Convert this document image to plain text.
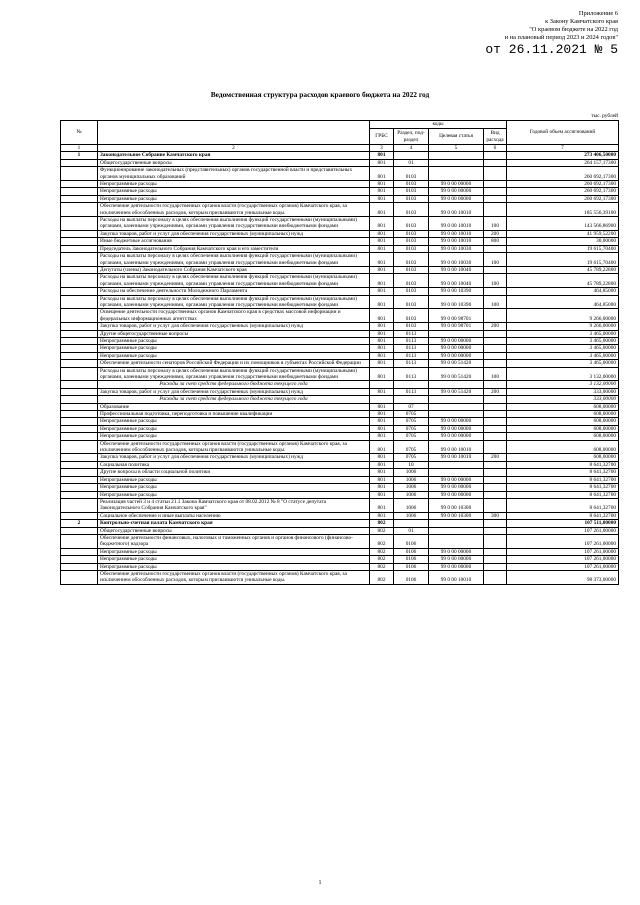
Приложение 6
к Закону Камчатского края
"О краевом бюджете на 2022 год
и на плановый период 2023 и 2024 годов"
от 26.11.2021 № 5
Ведомственная структура расходов краевого бюджета на 2022 год
тыс. рублей
№		коды				Годовой объем ассигнований
		ГРБС	Раздел, под-раздел	Целевая статья	Вид расхода	
1	2	3	4	5	6	7
1	Законодательное Собрание Камчатского края	801				273 406,50000
	Общегосударственные вопросы	801	01			264 157,17300
	Функционирование законодательных (представительных) органов государственной власти и представительных органов муниципальных образований	801	0103			260 692,17300
	Непрограммные расходы	801	0103	99 0 00 00000		260 692,17300
	Непрограммные расходы	801	0103	99 0 00 00000		260 692,17300
	Непрограммные расходы	801	0103	99 0 00 00000		260 692,17300
	Обеспечение деятельности государственных органов власти (государственных органов) Камчатского края, за исключением обособленных расходов, которым присваиваются уникальные коды.	801	0103	99 0 00 10010		185 556,39100
	Расходы на выплаты персоналу в целях обеспечения выполнения функций государственными (муниципальными) органами, казенными учреждениями, органами управления государственными внебюджетными фондами	801	0103	99 0 00 10010	100	143 566,86900
	Закупка товаров, работ и услуг для обеспечения государственных (муниципальных) нужд	801	0103	99 0 00 10010	200	41 959,52200
	Иные бюджетные ассигнования	801	0103	99 0 00 10010	800	30,00000
	Председатель Законодательного Собрания Камчатского края и его заместители	801	0103	99 0 00 10030		19 615,70400
	Расходы на выплаты персоналу в целях обеспечения выполнения функций государственными (муниципальными) органами, казенными учреждениями, органами управления государственными внебюджетными фондами	801	0103	99 0 00 10030	100	19 615,70400
	Депутаты (члены) Законодательного Собрания Камчатского края	801	0103	99 0 00 10040		45 789,22800
	Расходы на выплаты персоналу в целях обеспечения выполнения функций государственными (муниципальными) органами, казенными учреждениями, органами управления государственными внебюджетными фондами	801	0103	99 0 00 10040	100	45 789,22800
	Расходы на обеспечение деятельности Молодежного Парламента	801	0103	99 0 00 10390		464,85000
	Расходы на выплаты персоналу в целях обеспечения выполнения функций государственными (муниципальными) органами, казенными учреждениями, органами управления государственными внебюджетными фондами	801	0103	99 0 00 10390	100	464,85000
	Освещение деятельности государственных органов Камчатского края в средствах массовой информации и федеральных информационных агентствах	801	0103	99 0 00 98701		9 266,00000
	Закупка товаров, работ и услуг для обеспечения государственных (муниципальных) нужд	801	0103	99 0 00 98701	200	9 266,00000
	Другие общегосударственные вопросы	801	0113			3 465,00000
	Непрограммные расходы	801	0113	99 0 00 00000		3 465,00000
	Непрограммные расходы	801	0113	99 0 00 00000		3 465,00000
	Непрограммные расходы	801	0113	99 0 00 00000		3 465,00000
	Обеспечение деятельности сенаторов Российской Федерации и их помощников в субъектах Российской Федерации	801	0113	99 0 00 51420		3 465,00000
	Расходы на выплаты персоналу в целях обеспечения выполнения функций государственными (муниципальными) органами, казенными учреждениями, органами управления государственными внебюджетными фондами	801	0113	99 0 00 51420	100	3 132,00000
	Расходы за счет средств федерального бюджета текущего года					3 132,00000
	Закупка товаров, работ и услуг для обеспечения государственных (муниципальных) нужд	801	0113	99 0 00 51420	200	333,00000
	Расходы за счет средств федерального бюджета текущего года					333,00000
	Образование	801	07			608,00000
	Профессиональная подготовка, переподготовка и повышение квалификации	801	0705			608,00000
	Непрограммные расходы	801	0705	99 0 00 00000		608,00000
	Непрограммные расходы	801	0705	99 0 00 00000		608,00000
	Непрограммные расходы	801	0705	99 0 00 00000		608,00000
	Обеспечение деятельности государственных органов власти (государственных органов) Камчатского края, за исключением обособленных расходов, которым присваиваются уникальные коды.	801	0705	99 0 00 10010		608,00000
	Закупка товаров, работ и услуг для обеспечения государственных (муниципальных) нужд	801	0705	99 0 00 10010	200	608,00000
	Социальная политика	801	10			8 641,32700
	Другие вопросы в области социальной политики	801	1006			8 641,32700
	Непрограммные расходы	801	1006	99 0 00 00000		8 641,32700
	Непрограммные расходы	801	1006	99 0 00 00000		8 641,32700
	Непрограммные расходы	801	1006	99 0 00 00000		8 641,32700
	Реализация частей 3 и 4 статьи 21.1 Закона Камчатского края от 08.02.2012 № 8 "О статусе депутата Законодательного Собрания Камчатского края"	801	1006	99 0 00 10300		8 641,32700
	Социальное обеспечение и иные выплаты населению	801	1006	99 0 00 10300	300	8 641,32700
2	Контрольно-счетная палата Камчатского края	802				107 511,00000
	Общегосударственные вопросы	802	01			107 261,00000
	Обеспечение деятельности финансовых, налоговых и таможенных органов и органов финансового (финансово-бюджетного) надзора	802	0106			107 261,00000
	Непрограммные расходы	802	0106	99 0 00 00000		107 261,00000
	Непрограммные расходы	802	0106	99 0 00 00000		107 261,00000
	Непрограммные расходы	802	0106	99 0 00 00000		107 261,00000
	Обеспечение деятельности государственных органов власти (государственных органов) Камчатского края, за исключением обособленных расходов, которым присваиваются уникальные коды.	802	0106	99 0 00 10010		98 373,00000
1
